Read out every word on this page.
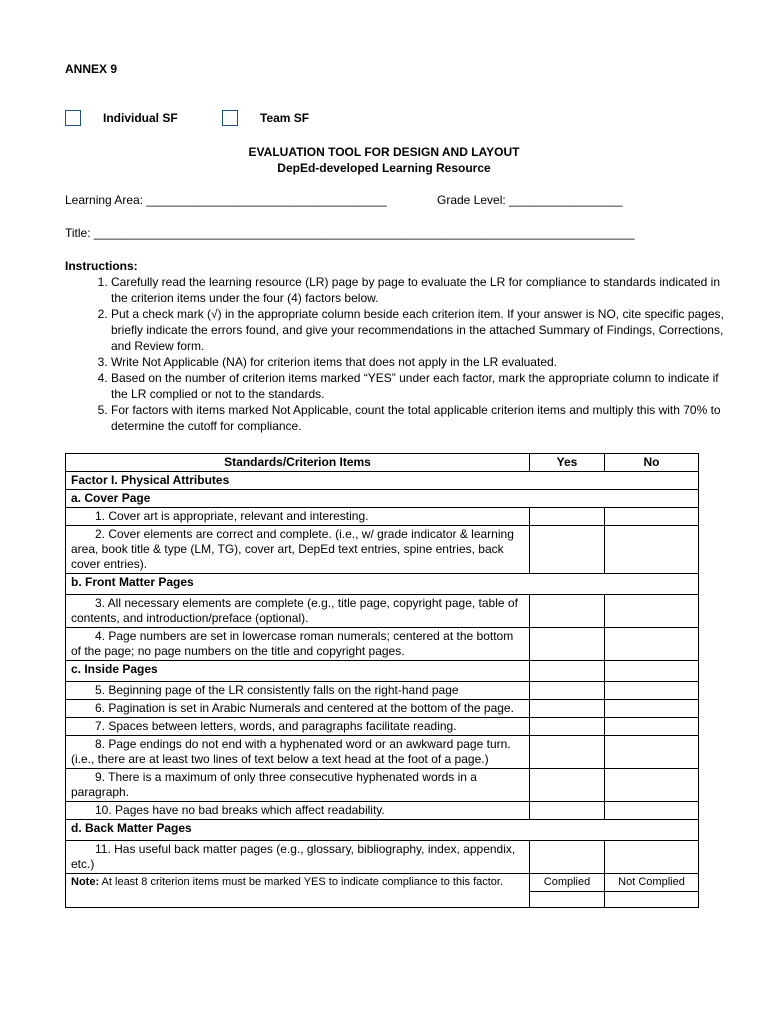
ANNEX 9
Individual SF	Team SF
EVALUATION TOOL FOR DESIGN AND LAYOUT
DepEd-developed Learning Resource
Learning Area: ____________________________________	Grade Level: _________________
Title: _________________________________________________________________________________
Instructions:
1. Carefully read the learning resource (LR) page by page to evaluate the LR for compliance to standards indicated in the criterion items under the four (4) factors below.
2. Put a check mark (√) in the appropriate column beside each criterion item. If your answer is NO, cite specific pages, briefly indicate the errors found, and give your recommendations in the attached Summary of Findings, Corrections, and Review form.
3. Write Not Applicable (NA) for criterion items that does not apply in the LR evaluated.
4. Based on the number of criterion items marked “YES” under each factor, mark the appropriate column to indicate if the LR complied or not to the standards.
5. For factors with items marked Not Applicable, count the total applicable criterion items and multiply this with 70% to determine the cutoff for compliance.
Standards/Criterion Items	Yes	No
Factor I. Physical Attributes		
a. Cover Page		
1. Cover art is appropriate, relevant and interesting.		
2. Cover elements are correct and complete. (i.e., w/ grade indicator & learning area, book title & type (LM, TG), cover art, DepEd text entries, spine entries, back cover entries).		
b. Front Matter Pages		
3. All necessary elements are complete (e.g., title page, copyright page, table of contents, and introduction/preface (optional).		
4. Page numbers are set in lowercase roman numerals; centered at the bottom of the page; no page numbers on the title and copyright pages.		
c. Inside Pages		
5. Beginning page of the LR consistently falls on the right-hand page		
6. Pagination is set in Arabic Numerals and centered at the bottom of the page.		
7. Spaces between letters, words, and paragraphs facilitate reading.		
8. Page endings do not end with a hyphenated word or an awkward page turn. (i.e., there are at least two lines of text below a text head at the foot of a page.)		
9. There is a maximum of only three consecutive hyphenated words in a paragraph.		
10. Pages have no bad breaks which affect readability.		
d. Back Matter Pages		
11. Has useful back matter pages (e.g., glossary, bibliography, index, appendix, etc.)		
Note: At least 8 criterion items must be marked YES to indicate compliance to this factor.	Complied	Not Complied
